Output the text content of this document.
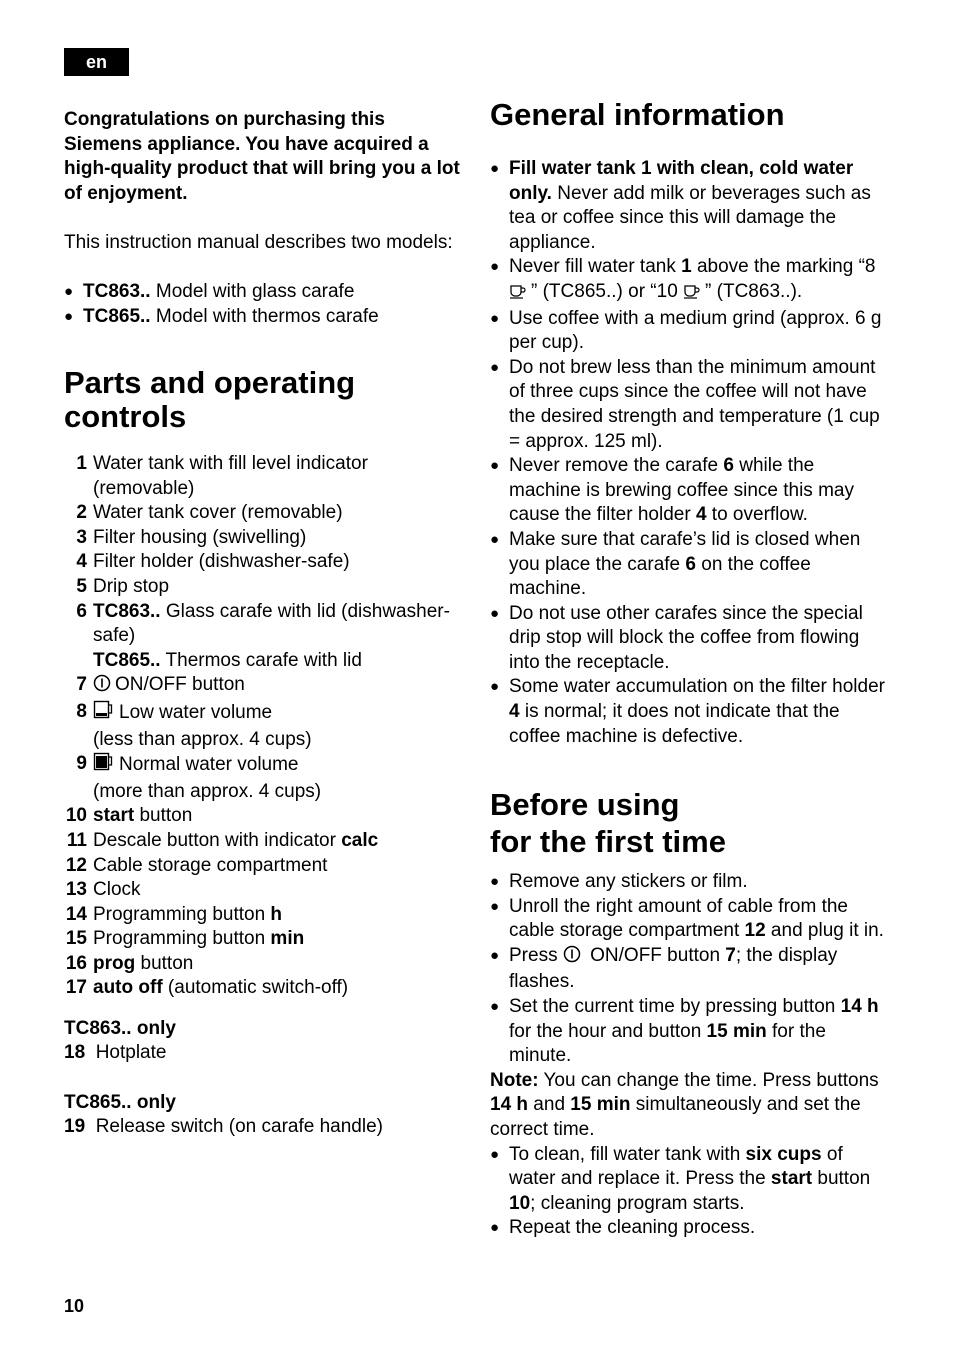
en

Congratulations on purchasing this Siemens appliance. You have acquired a high-quality product that will bring you a lot of enjoyment.

This instruction manual describes two models:

● TC863.. Model with glass carafe
● TC865.. Model with thermos carafe
Parts and operating controls
1 Water tank with fill level indicator (removable)
2 Water tank cover (removable)
3 Filter housing (swivelling)
4 Filter holder (dishwasher-safe)
5 Drip stop
6 TC863.. Glass carafe with lid (dishwasher-safe)
TC865.. Thermos carafe with lid
7 ON/OFF button
8 Low water volume
(less than approx. 4 cups)
9 Normal water volume
(more than approx. 4 cups)
10 start button
11 Descale button with indicator calc
12 Cable storage compartment
13 Clock
14 Programming button h
15 Programming button min
16 prog button
17 auto off (automatic switch-off)

TC863.. only

18 Hotplate

TC865.. only

19 Release switch (on carafe handle)

General information
● Fill water tank 1 with clean, cold water only. Never add milk or beverages such as tea or coffee since this will damage the appliance.
● Never fill water tank 1 above the marking “8 ” (TC865..) or “10 ” (TC863..).
● Use coffee with a medium grind (approx. 6 g per cup).
● Do not brew less than the minimum amount of three cups since the coffee will not have the desired strength and temperature (1 cup = approx. 125 ml).
● Never remove the carafe 6 while the machine is brewing coffee since this may cause the filter holder 4 to overflow.
● Make sure that carafe’s lid is closed when you place the carafe 6 on the coffee machine.
● Do not use other carafes since the special drip stop will block the coffee from flowing into the receptacle.
● Some water accumulation on the filter holder 4 is normal; it does not indicate that the coffee machine is defective.
Before using
for the first time
● Remove any stickers or film.
● Unroll the right amount of cable from the cable storage compartment 12 and plug it in.
● Press  ON/OFF button 7; the display flashes.
● Set the current time by pressing button 14 h for the hour and button 15 min for the minute.
Note: You can change the time. Press buttons 14 h and 15 min simultaneously and set the correct time.
● To clean, fill water tank with six cups of water and replace it. Press the start button 10; cleaning program starts.
● Repeat the cleaning process.
10
